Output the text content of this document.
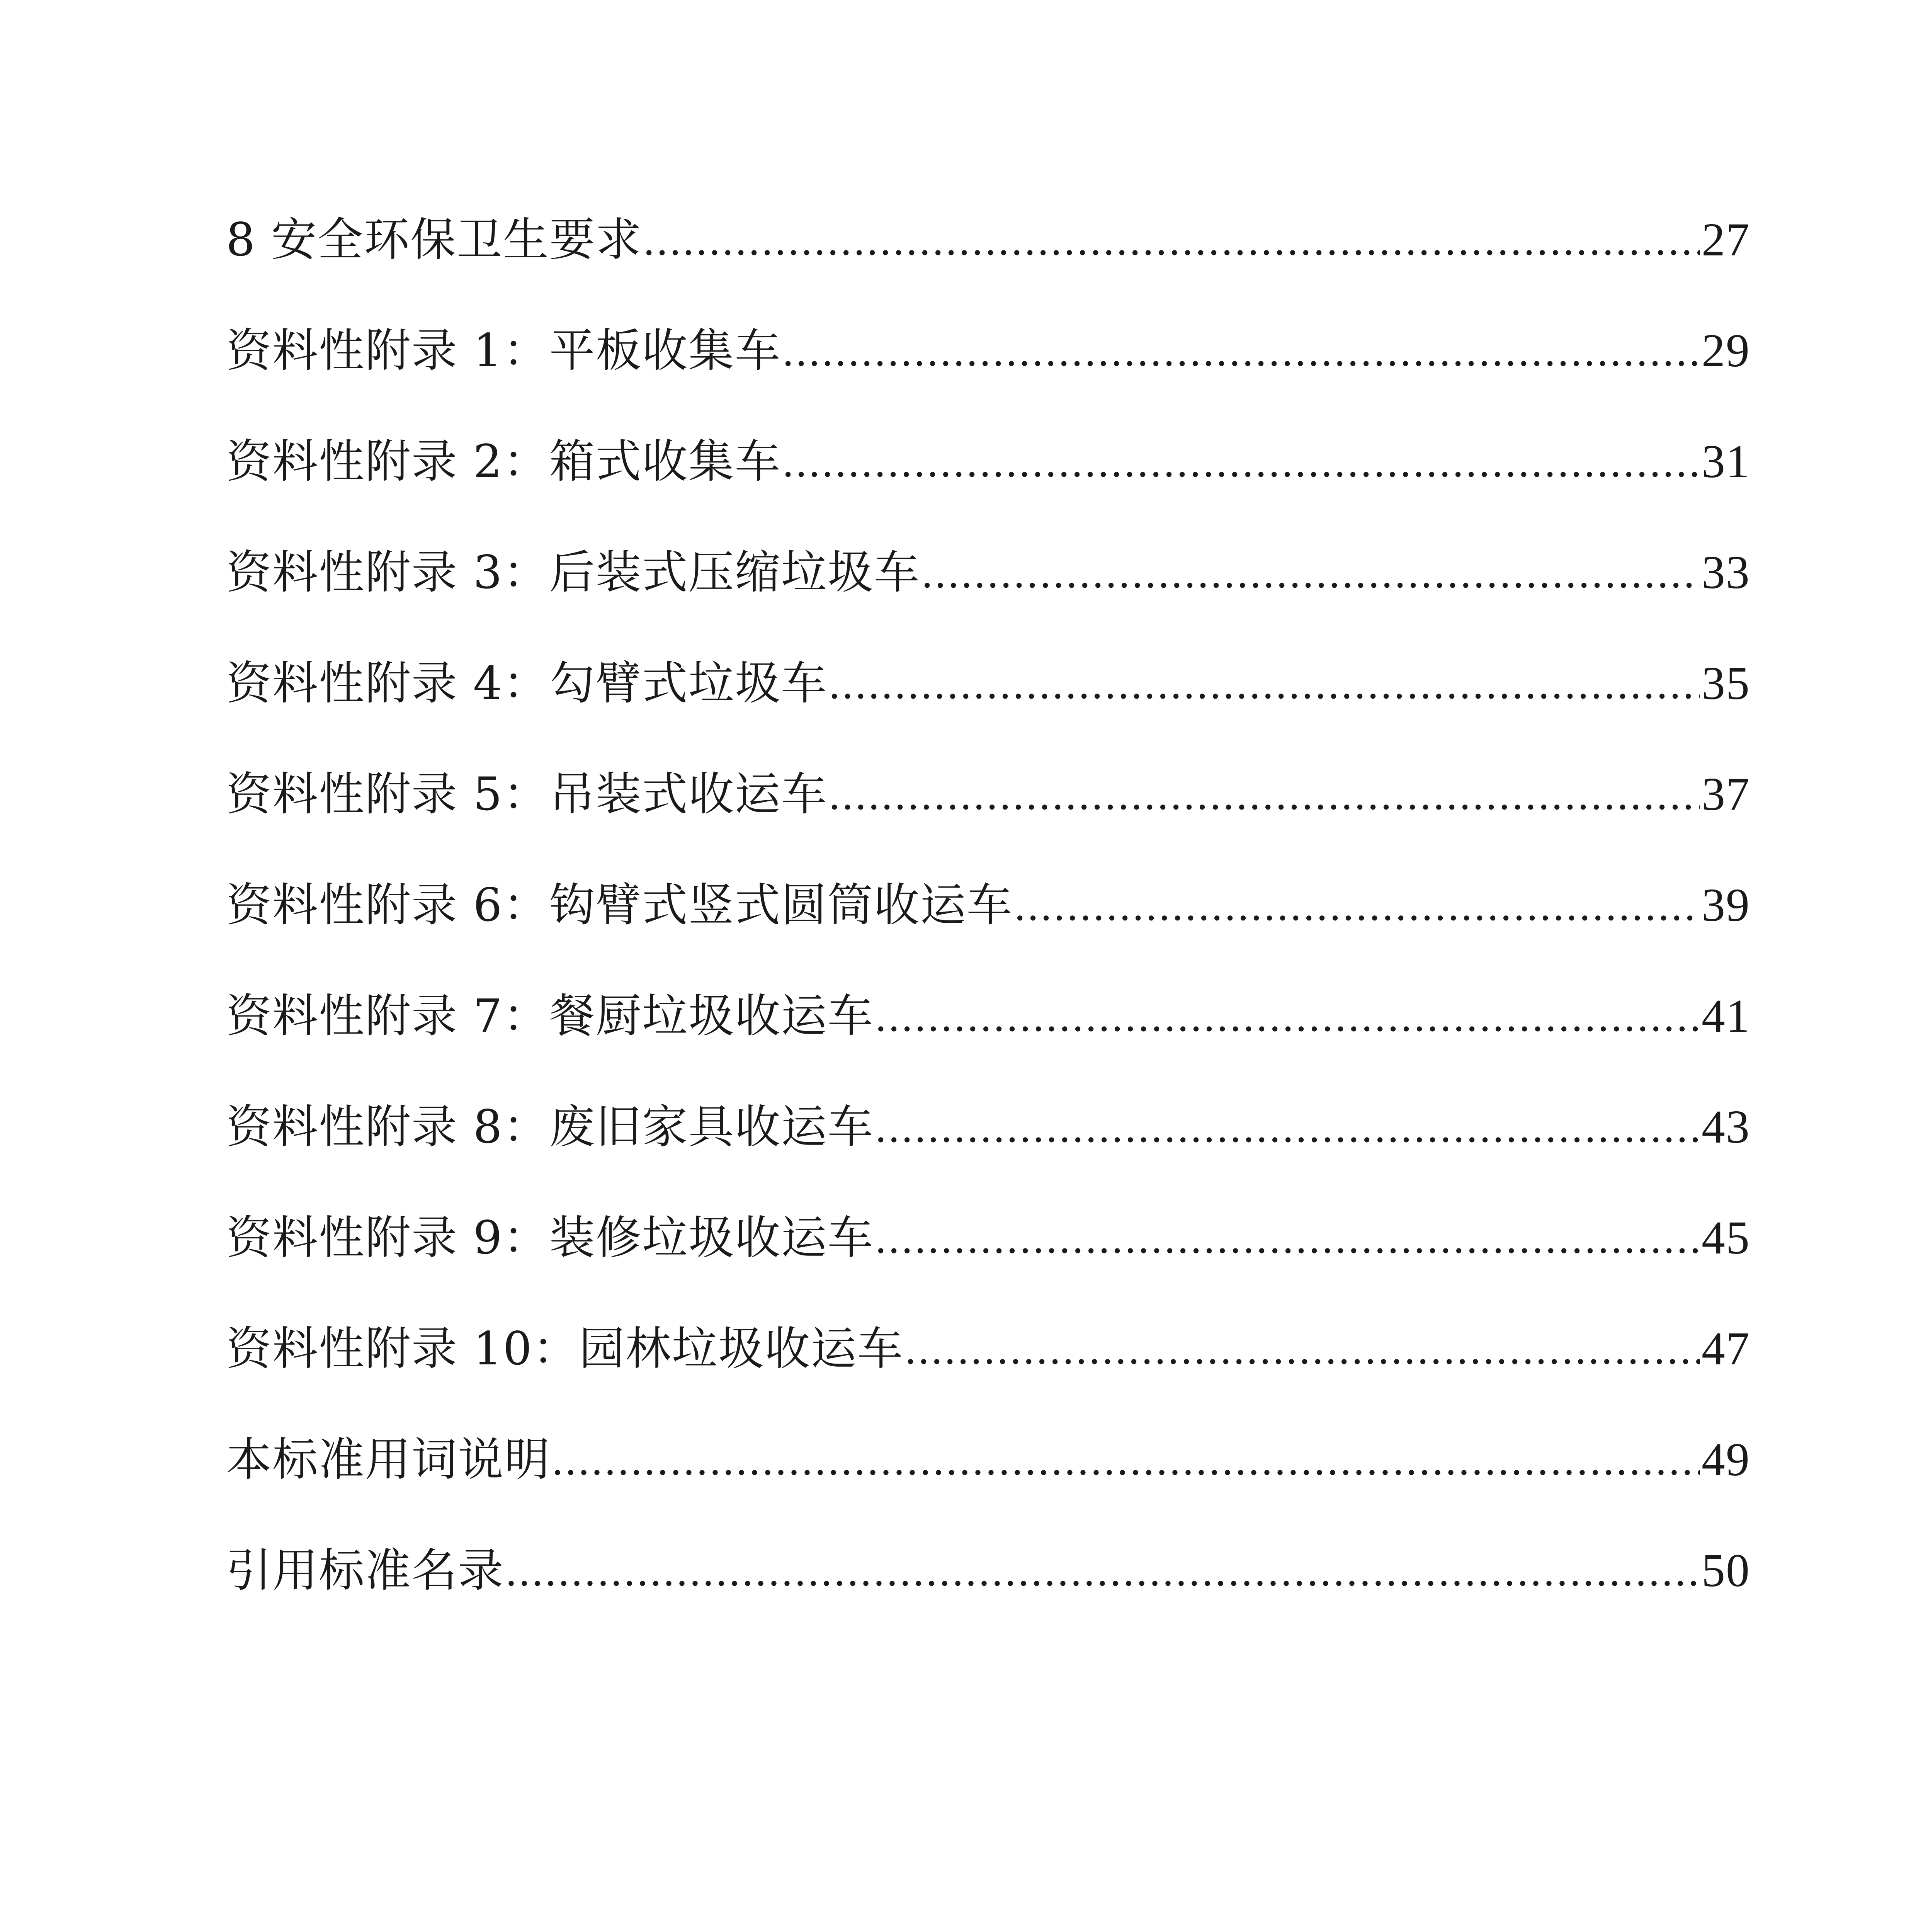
8 安全环保卫生要求 .....	27
资料性附录 1：平板收集车 .....	29
资料性附录 2：箱式收集车 .....	31
资料性附录 3：后装式压缩垃圾车 .....	33
资料性附录 4：勾臂式垃圾车 .....	35
资料性附录 5：吊装式收运车 .....	37
资料性附录 6：钩臂式竖式圆筒收运车 .....	39
资料性附录 7：餐厨垃圾收运车 .....	41
资料性附录 8：废旧家具收运车 .....	43
资料性附录 9：装修垃圾收运车 .....	45
资料性附录 10：园林垃圾收运车 .....	47
本标准用词说明 .....	49
引用标准名录 .....	50
